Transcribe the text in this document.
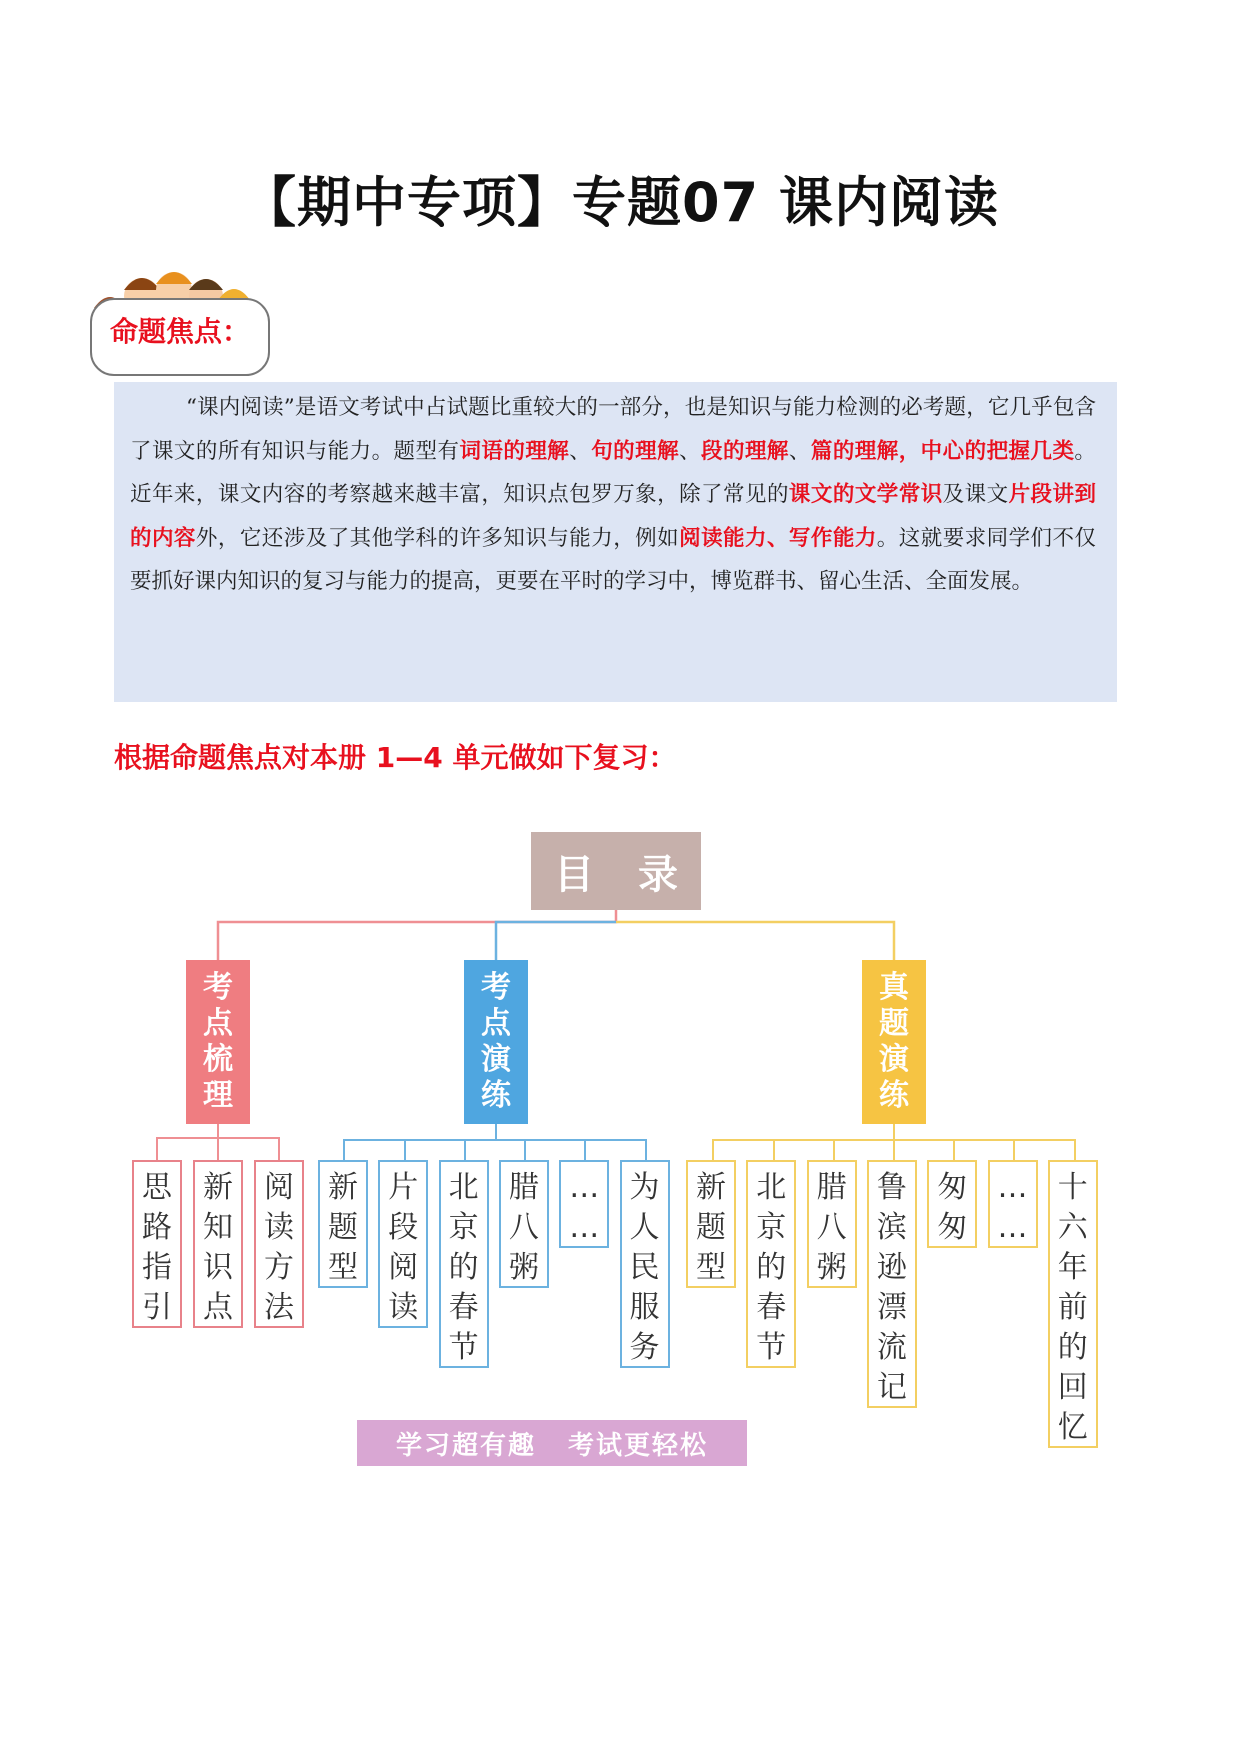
【期中专项】专题07 课内阅读
命题焦点：
“课内阅读”是语文考试中占试题比重较大的一部分，也是知识与能力检测的必考题，它几乎包含了课文的所有知识与能力。题型有词语的理解、句的理解、段的理解、篇的理解，中心的把握几类。近年来，课文内容的考察越来越丰富，知识点包罗万象，除了常见的课文的文学常识及课文片段讲到的内容外，它还涉及了其他学科的许多知识与能力，例如阅读能力、写作能力。这就要求同学们不仅要抓好课内知识的复习与能力的提高，更要在平时的学习中，博览群书、留心生活、全面发展。
根据命题焦点对本册 1—4 单元做如下复习：
目 录
考
点
梳
理
考
点
演
练
真
题
演
练
思
路
指
引
新
知
识
点
阅
读
方
法
新
题
型
片
段
阅
读
北
京
的
春
节
腊
八
粥
…
…
为
人
民
服
务
新
题
型
北
京
的
春
节
腊
八
粥
鲁
滨
逊
漂
流
记
匆
匆
…
…
十
六
年
前
的
回
忆
学习超有趣 考试更轻松
